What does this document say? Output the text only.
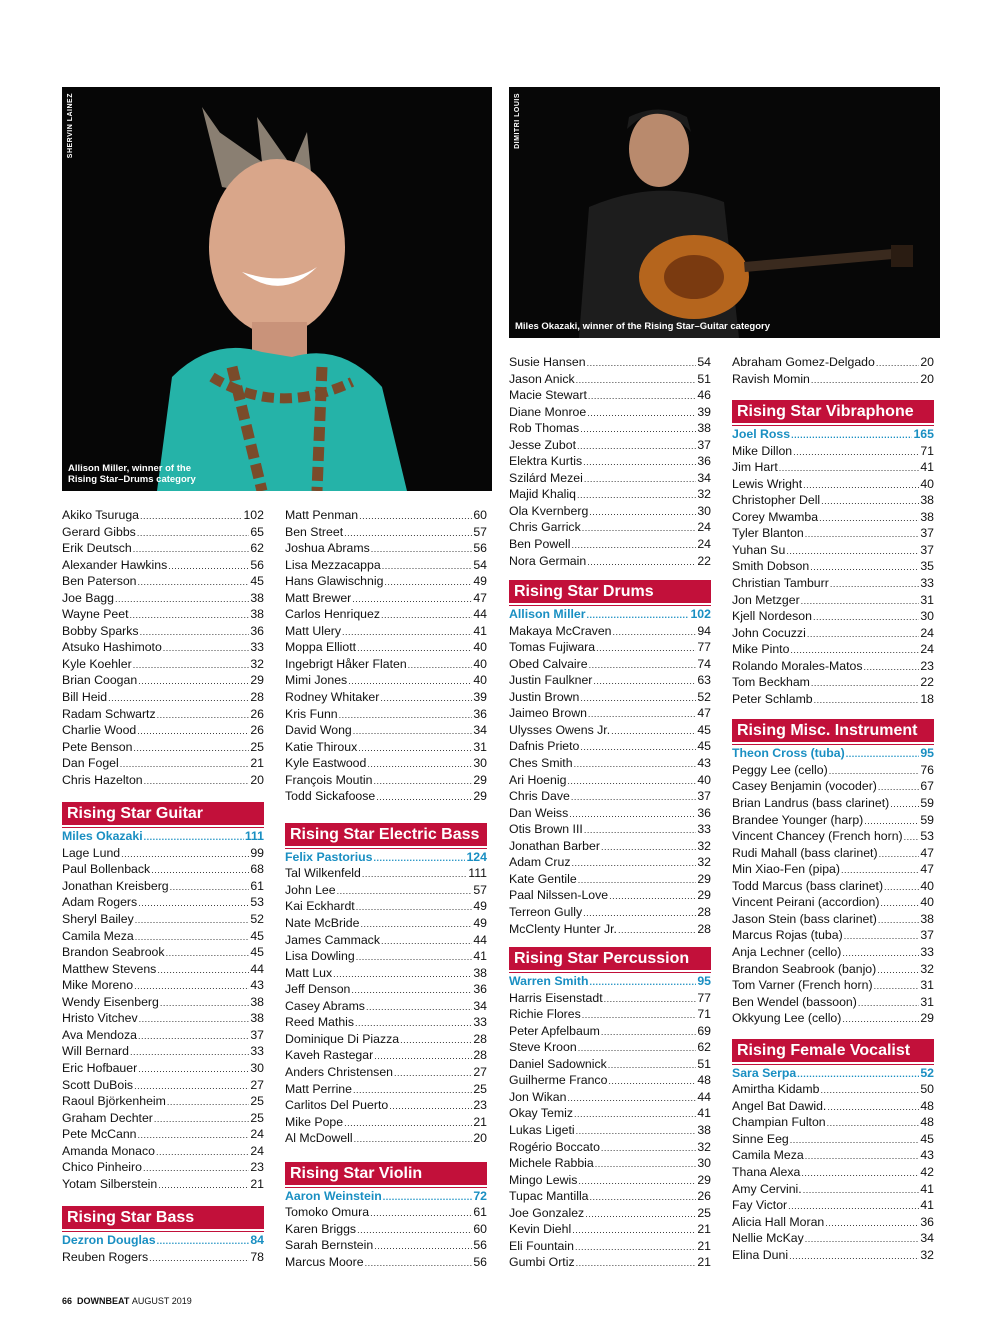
SHERVIN LAINEZ
Allison Miller, winner of the
Rising Star–Drums category
DIMITRI LOUIS
Miles Okazaki, winner of the Rising Star–Guitar category
Akiko Tsuruga .....	102
Gerard Gibbs .....	65
Erik Deutsch .....	62
Alexander Hawkins .....	56
Ben Paterson .....	45
Joe Bagg .....	38
Wayne Peet .....	38
Bobby Sparks .....	36
Atsuko Hashimoto .....	33
Kyle Koehler .....	32
Brian Coogan .....	29
Bill Heid .....	28
Radam Schwartz .....	26
Charlie Wood .....	26
Pete Benson .....	25
Dan Fogel .....	21
Chris Hazelton .....	20
Rising Star Guitar
Miles Okazaki .....	111
Lage Lund .....	99
Paul Bollenback .....	68
Jonathan Kreisberg .....	61
Adam Rogers .....	53
Sheryl Bailey .....	52
Camila Meza .....	45
Brandon Seabrook .....	45
Matthew Stevens .....	44
Mike Moreno .....	43
Wendy Eisenberg .....	38
Hristo Vitchev .....	38
Ava Mendoza .....	37
Will Bernard .....	33
Eric Hofbauer .....	30
Scott DuBois .....	27
Raoul Björkenheim .....	25
Graham Dechter .....	25
Pete McCann .....	24
Amanda Monaco .....	24
Chico Pinheiro .....	23
Yotam Silberstein .....	21
Rising Star Bass
Dezron Douglas .....	84
Reuben Rogers .....	78
Matt Penman .....	60
Ben Street .....	57
Joshua Abrams .....	56
Lisa Mezzacappa .....	54
Hans Glawischnig .....	49
Matt Brewer .....	47
Carlos Henriquez .....	44
Matt Ulery .....	41
Moppa Elliott .....	40
Ingebrigt Håker Flaten .....	40
Mimi Jones .....	40
Rodney Whitaker .....	39
Kris Funn .....	36
David Wong .....	34
Katie Thiroux .....	31
Kyle Eastwood .....	30
François Moutin .....	29
Todd Sickafoose .....	29
Rising Star Electric Bass
Felix Pastorius .....	124
Tal Wilkenfeld .....	111
John Lee .....	57
Kai Eckhardt .....	49
Nate McBride .....	49
James Cammack .....	44
Lisa Dowling .....	41
Matt Lux .....	38
Jeff Denson .....	36
Casey Abrams .....	34
Reed Mathis .....	33
Dominique Di Piazza .....	28
Kaveh Rastegar .....	28
Anders Christensen .....	27
Matt Perrine .....	25
Carlitos Del Puerto .....	23
Mike Pope .....	21
Al McDowell .....	20
Rising Star Violin
Aaron Weinstein .....	72
Tomoko Omura .....	61
Karen Briggs .....	60
Sarah Bernstein .....	56
Marcus Moore .....	56
Susie Hansen .....	54
Jason Anick .....	51
Macie Stewart .....	46
Diane Monroe .....	39
Rob Thomas .....	38
Jesse Zubot .....	37
Elektra Kurtis .....	36
Szilárd Mezei .....	34
Majid Khaliq .....	32
Ola Kvernberg .....	30
Chris Garrick .....	24
Ben Powell .....	24
Nora Germain .....	22
Rising Star Drums
Allison Miller .....	102
Makaya McCraven .....	94
Tomas Fujiwara .....	77
Obed Calvaire .....	74
Justin Faulkner .....	63
Justin Brown .....	52
Jaimeo Brown .....	47
Ulysses Owens Jr. .....	45
Dafnis Prieto .....	45
Ches Smith .....	43
Ari Hoenig .....	40
Chris Dave .....	37
Dan Weiss .....	36
Otis Brown III .....	33
Jonathan Barber .....	32
Adam Cruz .....	32
Kate Gentile .....	29
Paal Nilssen-Love .....	29
Terreon Gully .....	28
McClenty Hunter Jr. .....	28
Rising Star Percussion
Warren Smith .....	95
Harris Eisenstadt .....	77
Richie Flores .....	71
Peter Apfelbaum .....	69
Steve Kroon .....	62
Daniel Sadownick .....	51
Guilherme Franco .....	48
Jon Wikan .....	44
Okay Temiz .....	41
Lukas Ligeti .....	38
Rogério Boccato .....	32
Michele Rabbia .....	30
Mingo Lewis .....	29
Tupac Mantilla .....	26
Joe Gonzalez .....	25
Kevin Diehl .....	21
Eli Fountain .....	21
Gumbi Ortiz .....	21
Abraham Gomez-Delgado .....	20
Ravish Momin .....	20
Rising Star Vibraphone
Joel Ross .....	165
Mike Dillon .....	71
Jim Hart .....	41
Lewis Wright .....	40
Christopher Dell .....	38
Corey Mwamba .....	38
Tyler Blanton .....	37
Yuhan Su .....	37
Smith Dobson .....	35
Christian Tamburr .....	33
Jon Metzger .....	31
Kjell Nordeson .....	30
John Cocuzzi .....	24
Mike Pinto .....	24
Rolando Morales-Matos .....	23
Tom Beckham .....	22
Peter Schlamb .....	18
Rising Misc. Instrument
Theon Cross (tuba) .....	95
Peggy Lee (cello) .....	76
Casey Benjamin (vocoder) .....	67
Brian Landrus (bass clarinet) .....	59
Brandee Younger (harp) .....	59
Vincent Chancey (French horn) ..... 53
Rudi Mahall (bass clarinet) .....	47
Min Xiao-Fen (pipa) .....	47
Todd Marcus (bass clarinet) .....	40
Vincent Peirani (accordion) .....	40
Jason Stein (bass clarinet) .....	38
Marcus Rojas (tuba) .....	37
Anja Lechner (cello) .....	33
Brandon Seabrook (banjo) .....	32
Tom Varner (French horn) .....	31
Ben Wendel (bassoon) .....	31
Okkyung Lee (cello) .....	29
Rising Female Vocalist
Sara Serpa .....	52
Amirtha Kidamb .....	50
Angel Bat Dawid. .....	48
Champian Fulton .....	48
Sinne Eeg .....	45
Camila Meza .....	43
Thana Alexa .....	42
Amy Cervini. .....	41
Fay Victor .....	41
Alicia Hall Moran .....	36
Nellie McKay .....	34
Elina Duni .....	32
66 DOWNBEAT AUGUST 2019
